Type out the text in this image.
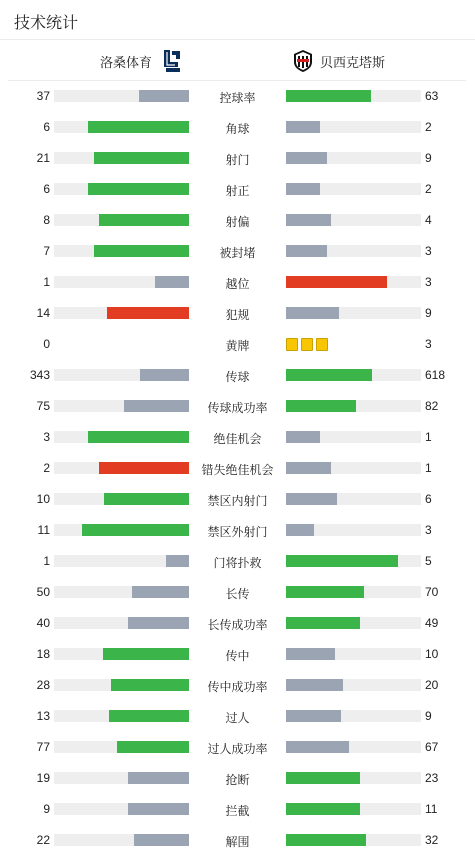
技术统计
洛桑体育	贝西克塔斯
37	控球率	63
6	角球	2
21	射门	9
6	射正	2
8	射偏	4
7	被封堵	3
1	越位	3
14	犯规	9
0	黄牌	3
343	传球	618
75	传球成功率	82
3	绝佳机会	1
2	错失绝佳机会	1
10	禁区内射门	6
11	禁区外射门	3
1	门将扑救	5
50	长传	70
40	长传成功率	49
18	传中	10
28	传中成功率	20
13	过人	9
77	过人成功率	67
19	抢断	23
9	拦截	11
22	解围	32
